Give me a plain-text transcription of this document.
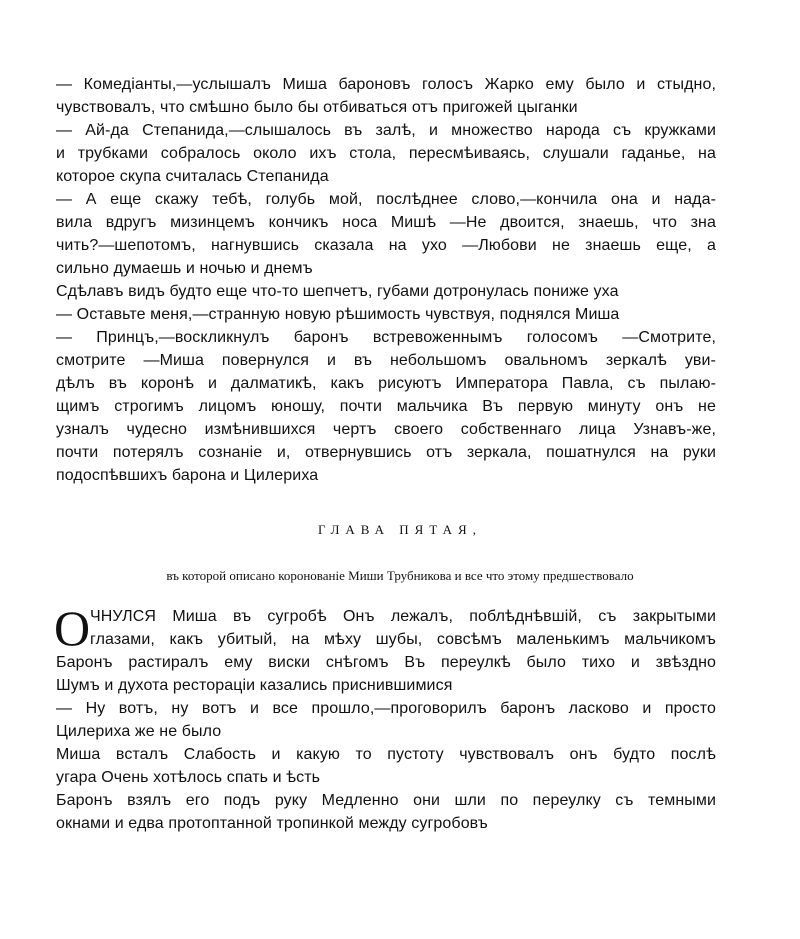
— Комедіанты,—услышалъ Миша бароновъ голосъ Жарко ему было и стыдно,
чувствовалъ, что смѣшно было бы отбиваться отъ пригожей цыганки
— Ай-да Степанида,—слышалось въ залѣ, и множество народа съ кружками
и трубками собралось около ихъ стола, пересмѣиваясь, слушали гаданье, на
которое скупа считалась Степанида
— А еще скажу тебѣ, голубь мой, послѣднее слово,—кончила она и нада-
вила вдругъ мизинцемъ кончикъ носа Мишѣ —Не двоится, знаешь, что зна
чить?—шепотомъ, нагнувшись сказала на ухо —Любови не знаешь еще, а
сильно думаешь и ночью и днемъ
Сдѣлавъ видъ будто еще что-то шепчетъ, губами дотронулась пониже уха
— Оставьте меня,—странную новую рѣшимость чувствуя, поднялся Миша
— Принцъ,—воскликнулъ баронъ встревоженнымъ голосомъ —Смотрите,
смотрите —Миша повернулся и въ небольшомъ овальномъ зеркалѣ уви-
дѣлъ въ коронѣ и далматикѣ, какъ рисуютъ Императора Павла, съ пылаю-
щимъ строгимъ лицомъ юношу, почти мальчика Въ первую минуту онъ не
узналъ чудесно измѣнившихся чертъ своего собственнаго лица Узнавъ-же,
почти потерялъ сознаніе и, отвернувшись отъ зеркала, пошатнулся на руки
подоспѣвшихъ барона и Цилериха
ГЛАВА ПЯТАЯ,
въ которой описано коронованіе Миши Трубникова и все что этому предшествовало
О ЧНУЛСЯ Миша въ сугробѣ Онъ лежалъ, поблѣднѣвшій, съ закрытыми
глазами, какъ убитый, на мѣху шубы, совсѣмъ маленькимъ мальчикомъ
Баронъ растиралъ ему виски снѣгомъ Въ переулкѣ было тихо и звѣздно
Шумъ и духота ресторацiи казались приснившимися
— Ну вотъ, ну вотъ и все прошло,—проговорилъ баронъ ласково и просто
Цилериха же не было
Миша всталъ Слабость и какую то пустоту чувствовалъ онъ будто послѣ
угара Очень хотѣлось спать и ѣсть
Баронъ взялъ его подъ руку Медленно они шли по переулку съ темными
окнами и едва протоптанной тропинкой между сугробовъ
